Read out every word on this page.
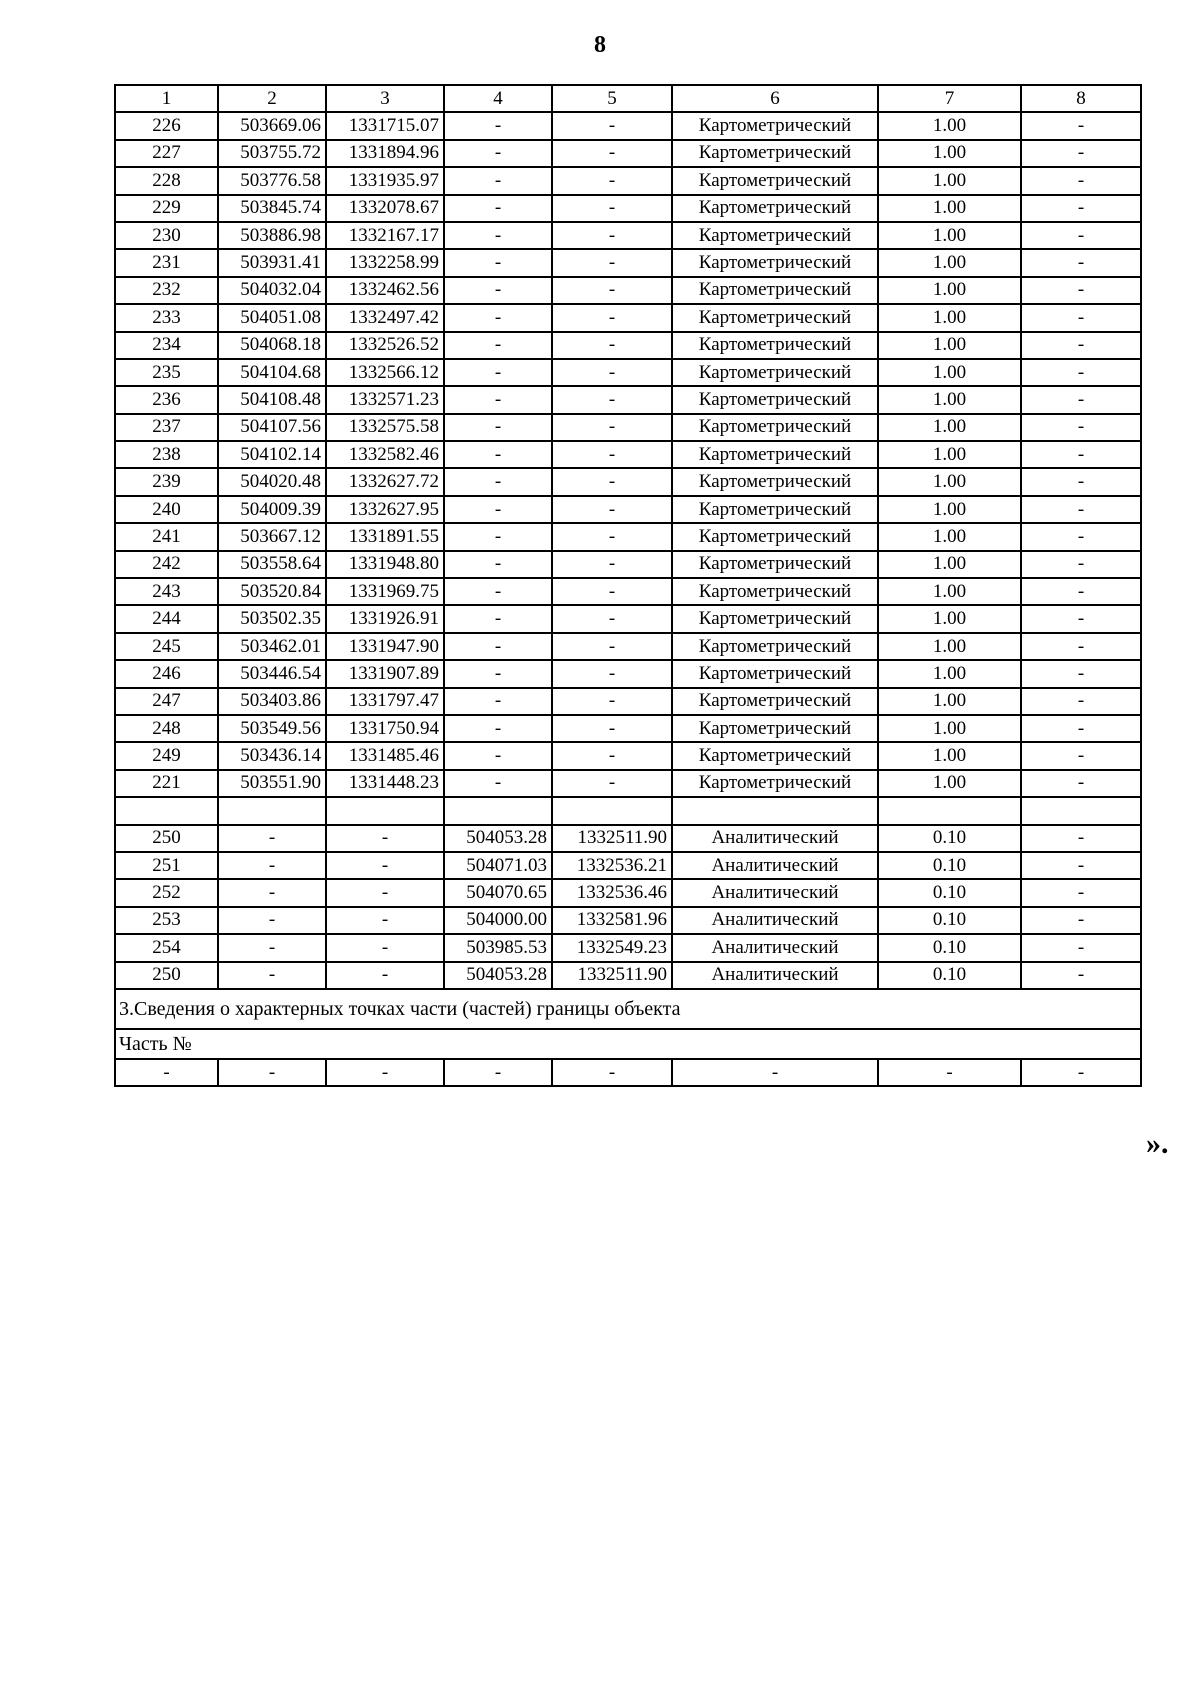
8
1	2	3	4	5	6	7	8
226	503669.06	1331715.07	-	-	Картометрический	1.00	-
227	503755.72	1331894.96	-	-	Картометрический	1.00	-
228	503776.58	1331935.97	-	-	Картометрический	1.00	-
229	503845.74	1332078.67	-	-	Картометрический	1.00	-
230	503886.98	1332167.17	-	-	Картометрический	1.00	-
231	503931.41	1332258.99	-	-	Картометрический	1.00	-
232	504032.04	1332462.56	-	-	Картометрический	1.00	-
233	504051.08	1332497.42	-	-	Картометрический	1.00	-
234	504068.18	1332526.52	-	-	Картометрический	1.00	-
235	504104.68	1332566.12	-	-	Картометрический	1.00	-
236	504108.48	1332571.23	-	-	Картометрический	1.00	-
237	504107.56	1332575.58	-	-	Картометрический	1.00	-
238	504102.14	1332582.46	-	-	Картометрический	1.00	-
239	504020.48	1332627.72	-	-	Картометрический	1.00	-
240	504009.39	1332627.95	-	-	Картометрический	1.00	-
241	503667.12	1331891.55	-	-	Картометрический	1.00	-
242	503558.64	1331948.80	-	-	Картометрический	1.00	-
243	503520.84	1331969.75	-	-	Картометрический	1.00	-
244	503502.35	1331926.91	-	-	Картометрический	1.00	-
245	503462.01	1331947.90	-	-	Картометрический	1.00	-
246	503446.54	1331907.89	-	-	Картометрический	1.00	-
247	503403.86	1331797.47	-	-	Картометрический	1.00	-
248	503549.56	1331750.94	-	-	Картометрический	1.00	-
249	503436.14	1331485.46	-	-	Картометрический	1.00	-
221	503551.90	1331448.23	-	-	Картометрический	1.00	-

250	-	-	504053.28	1332511.90	Аналитический	0.10	-
251	-	-	504071.03	1332536.21	Аналитический	0.10	-
252	-	-	504070.65	1332536.46	Аналитический	0.10	-
253	-	-	504000.00	1332581.96	Аналитический	0.10	-
254	-	-	503985.53	1332549.23	Аналитический	0.10	-
250	-	-	504053.28	1332511.90	Аналитический	0.10	-
3.Сведения о характерных точках части (частей) границы объекта							
Часть №							
-	-	-	-	-	-	-	-
».
